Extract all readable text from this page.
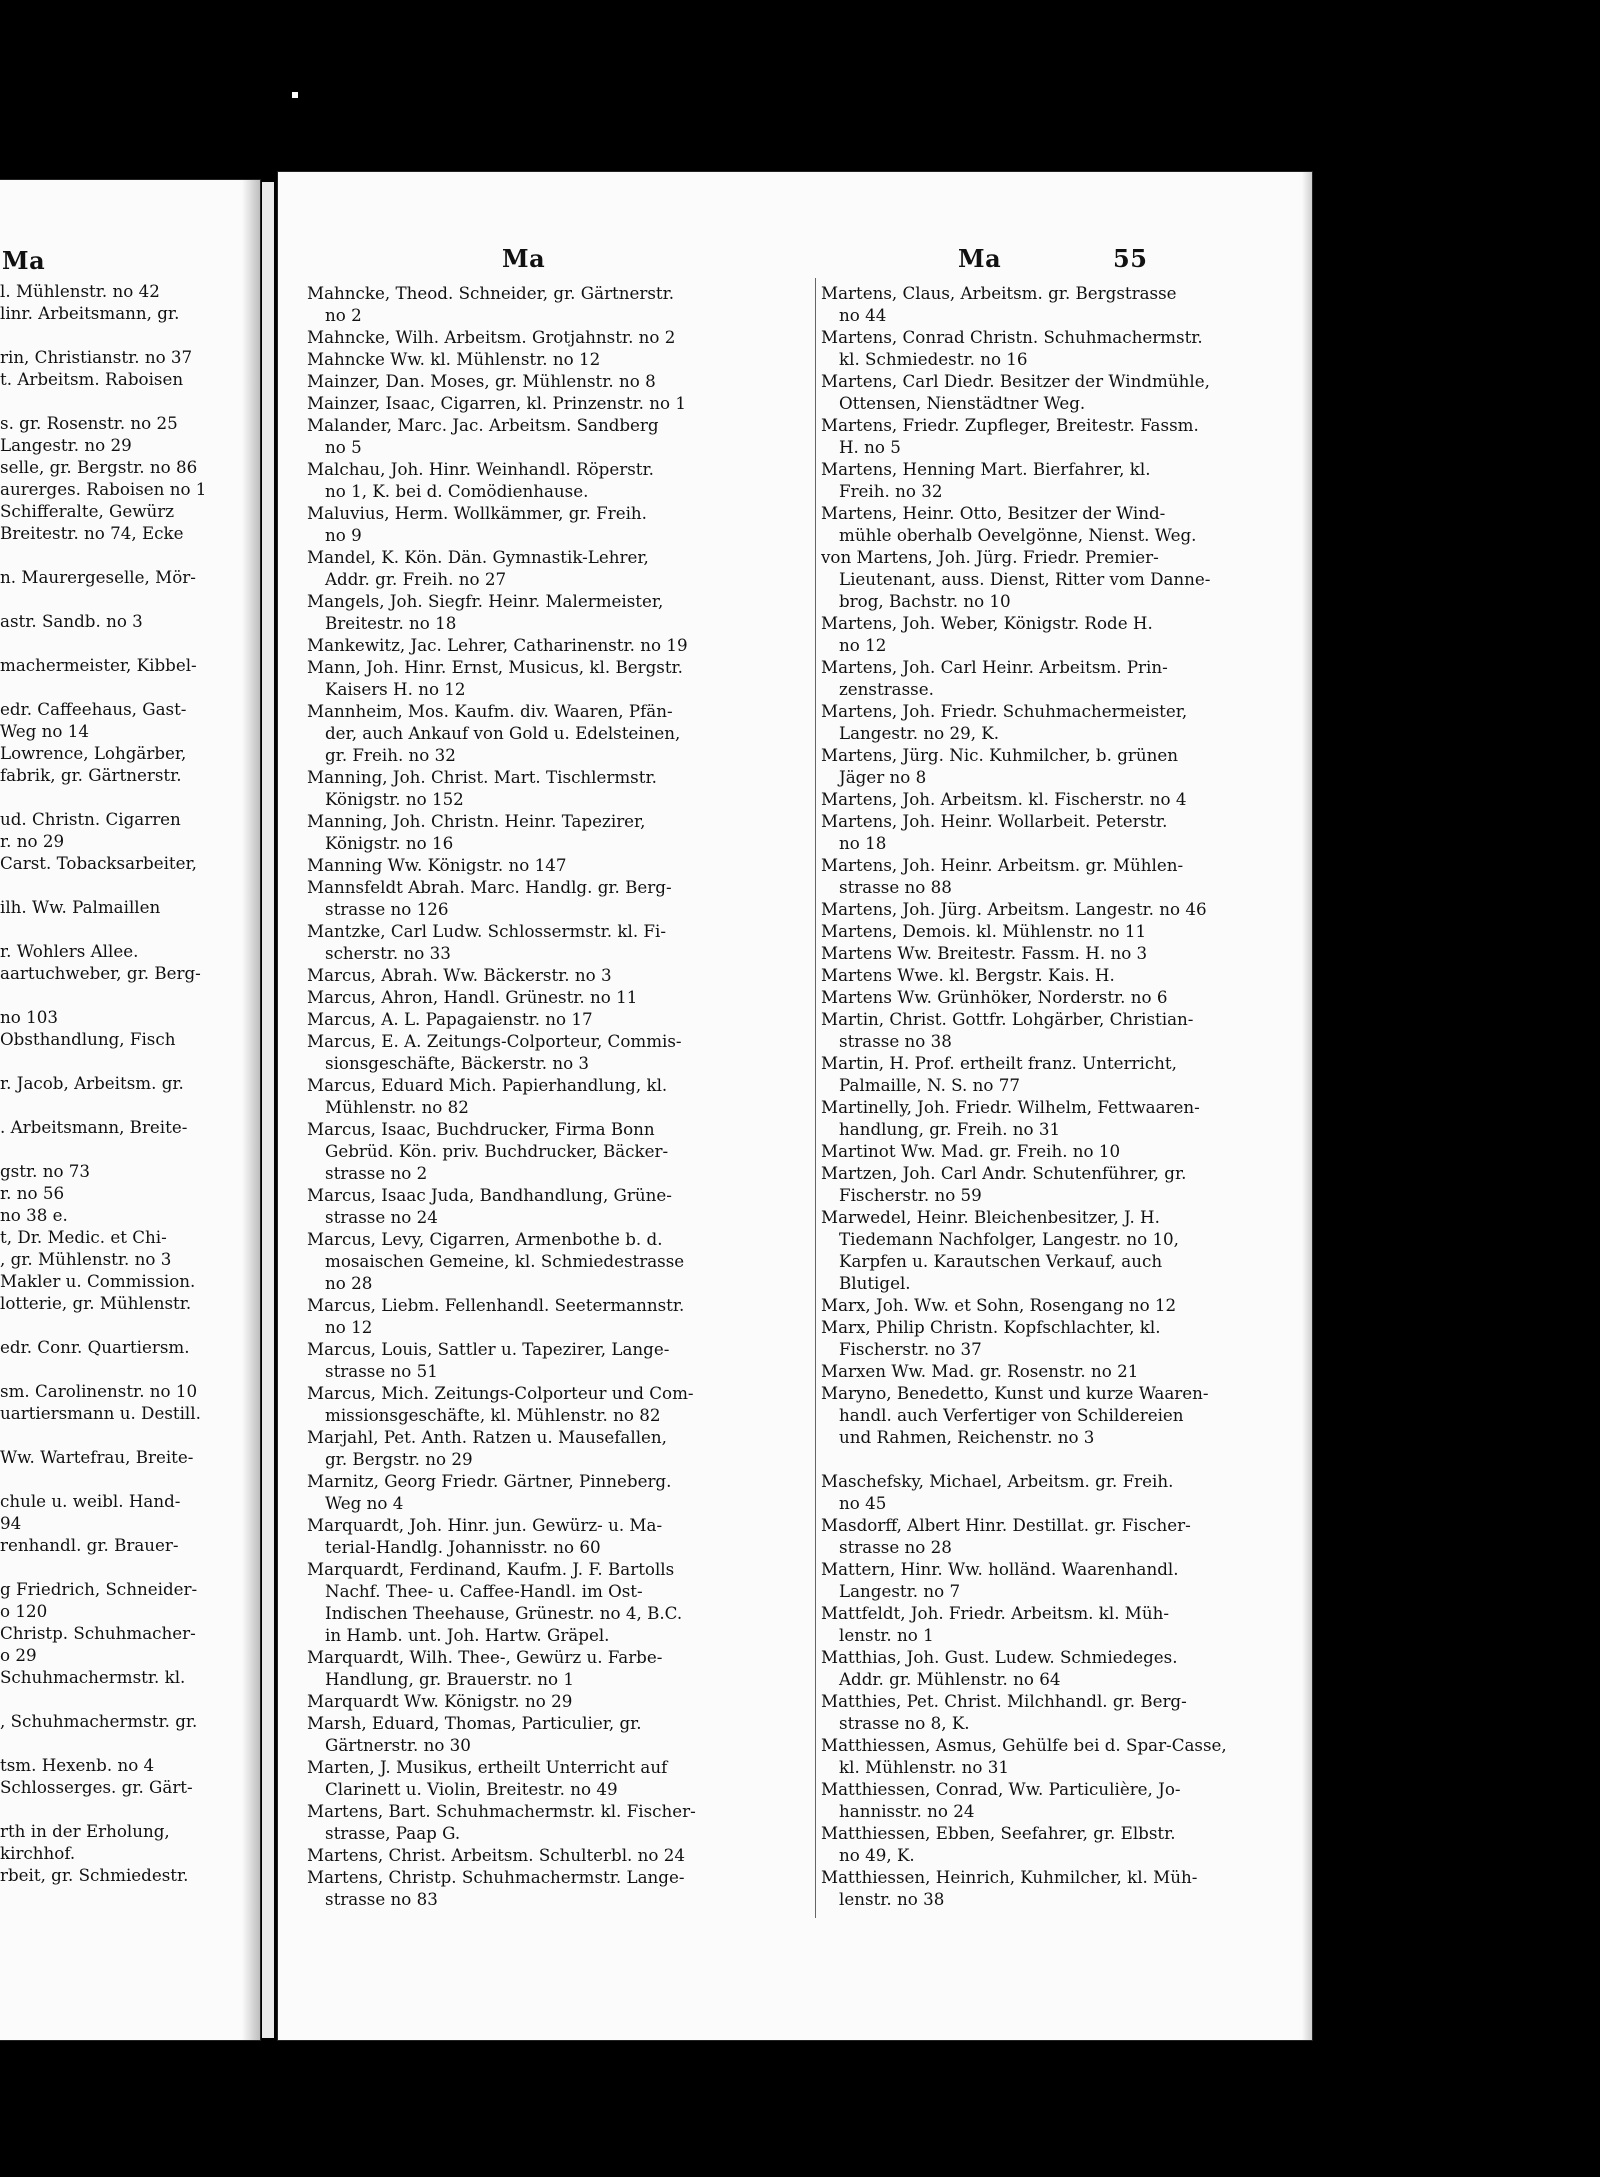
Ma
l. Mühlenstr. no 42
linr. Arbeitsmann, gr.

rin, Christianstr. no 37
t. Arbeitsm. Raboisen

s. gr. Rosenstr. no 25
Langestr. no 29
selle, gr. Bergstr. no 86
aurerges. Raboisen no 1
Schifferalte, Gewürz
Breitestr. no 74, Ecke

n. Maurergeselle, Mör-

astr. Sandb. no 3

machermeister, Kibbel-

edr. Caffeehaus, Gast-
Weg no 14
Lowrence, Lohgärber,
fabrik, gr. Gärtnerstr.

ud. Christn. Cigarren
r. no 29
Carst. Tobacksarbeiter,

ilh. Ww. Palmaillen

r. Wohlers Allee.
aartuchweber, gr. Berg-

no 103
Obsthandlung, Fisch

r. Jacob, Arbeitsm. gr.

. Arbeitsmann, Breite-

gstr. no 73
r. no 56
no 38 e.
t, Dr. Medic. et Chi-
, gr. Mühlenstr. no 3
Makler u. Commission.
lotterie, gr. Mühlenstr.

edr. Conr. Quartiersm.

sm. Carolinenstr. no 10
uartiersmann u. Destill.

Ww. Wartefrau, Breite-

chule u. weibl. Hand-
94
renhandl. gr. Brauer-

g Friedrich, Schneider-
o 120
Christp. Schuhmacher-
o 29
Schuhmachermstr. kl.

, Schuhmachermstr. gr.

tsm. Hexenb. no 4
Schlosserges. gr. Gärt-

rth in der Erholung,
kirchhof.
rbeit, gr. Schmiedestr.
Ma	Ma	55
Mahncke, Theod. Schneider, gr. Gärtnerstr.
no 2
Mahncke, Wilh. Arbeitsm. Grotjahnstr. no 2
Mahncke Ww. kl. Mühlenstr. no 12
Mainzer, Dan. Moses, gr. Mühlenstr. no 8
Mainzer, Isaac, Cigarren, kl. Prinzenstr. no 1
Malander, Marc. Jac. Arbeitsm. Sandberg
no 5
Malchau, Joh. Hinr. Weinhandl. Röperstr.
no 1, K. bei d. Comödienhause.
Maluvius, Herm. Wollkämmer, gr. Freih.
no 9
Mandel, K. Kön. Dän. Gymnastik-Lehrer,
Addr. gr. Freih. no 27
Mangels, Joh. Siegfr. Heinr. Malermeister,
Breitestr. no 18
Mankewitz, Jac. Lehrer, Catharinenstr. no 19
Mann, Joh. Hinr. Ernst, Musicus, kl. Bergstr.
Kaisers H. no 12
Mannheim, Mos. Kaufm. div. Waaren, Pfän-
der, auch Ankauf von Gold u. Edelsteinen,
gr. Freih. no 32
Manning, Joh. Christ. Mart. Tischlermstr.
Königstr. no 152
Manning, Joh. Christn. Heinr. Tapezirer,
Königstr. no 16
Manning Ww. Königstr. no 147
Mannsfeldt Abrah. Marc. Handlg. gr. Berg-
strasse no 126
Mantzke, Carl Ludw. Schlossermstr. kl. Fi-
scherstr. no 33
Marcus, Abrah. Ww. Bäckerstr. no 3
Marcus, Ahron, Handl. Grünestr. no 11
Marcus, A. L. Papagaienstr. no 17
Marcus, E. A. Zeitungs-Colporteur, Commis-
sionsgeschäfte, Bäckerstr. no 3
Marcus, Eduard Mich. Papierhandlung, kl.
Mühlenstr. no 82
Marcus, Isaac, Buchdrucker, Firma Bonn
Gebrüd. Kön. priv. Buchdrucker, Bäcker-
strasse no 2
Marcus, Isaac Juda, Bandhandlung, Grüne-
strasse no 24
Marcus, Levy, Cigarren, Armenbothe b. d.
mosaischen Gemeine, kl. Schmiedestrasse
no 28
Marcus, Liebm. Fellenhandl. Seetermannstr.
no 12
Marcus, Louis, Sattler u. Tapezirer, Lange-
strasse no 51
Marcus, Mich. Zeitungs-Colporteur und Com-
missionsgeschäfte, kl. Mühlenstr. no 82
Marjahl, Pet. Anth. Ratzen u. Mausefallen,
gr. Bergstr. no 29
Marnitz, Georg Friedr. Gärtner, Pinneberg.
Weg no 4
Marquardt, Joh. Hinr. jun. Gewürz- u. Ma-
terial-Handlg. Johannisstr. no 60
Marquardt, Ferdinand, Kaufm. J. F. Bartolls
Nachf. Thee- u. Caffee-Handl. im Ost-
Indischen Theehause, Grünestr. no 4, B.C.
in Hamb. unt. Joh. Hartw. Gräpel.
Marquardt, Wilh. Thee-, Gewürz u. Farbe-
Handlung, gr. Brauerstr. no 1
Marquardt Ww. Königstr. no 29
Marsh, Eduard, Thomas, Particulier, gr.
Gärtnerstr. no 30
Marten, J. Musikus, ertheilt Unterricht auf
Clarinett u. Violin, Breitestr. no 49
Martens, Bart. Schuhmachermstr. kl. Fischer-
strasse, Paap G.
Martens, Christ. Arbeitsm. Schulterbl. no 24
Martens, Christp. Schuhmachermstr. Lange-
strasse no 83
Martens, Claus, Arbeitsm. gr. Bergstrasse
no 44
Martens, Conrad Christn. Schuhmachermstr.
kl. Schmiedestr. no 16
Martens, Carl Diedr. Besitzer der Windmühle,
Ottensen, Nienstädtner Weg.
Martens, Friedr. Zupfleger, Breitestr. Fassm.
H. no 5
Martens, Henning Mart. Bierfahrer, kl.
Freih. no 32
Martens, Heinr. Otto, Besitzer der Wind-
mühle oberhalb Oevelgönne, Nienst. Weg.
von Martens, Joh. Jürg. Friedr. Premier-
Lieutenant, auss. Dienst, Ritter vom Danne-
brog, Bachstr. no 10
Martens, Joh. Weber, Königstr. Rode H.
no 12
Martens, Joh. Carl Heinr. Arbeitsm. Prin-
zenstrasse.
Martens, Joh. Friedr. Schuhmachermeister,
Langestr. no 29, K.
Martens, Jürg. Nic. Kuhmilcher, b. grünen
Jäger no 8
Martens, Joh. Arbeitsm. kl. Fischerstr. no 4
Martens, Joh. Heinr. Wollarbeit. Peterstr.
no 18
Martens, Joh. Heinr. Arbeitsm. gr. Mühlen-
strasse no 88
Martens, Joh. Jürg. Arbeitsm. Langestr. no 46
Martens, Demois. kl. Mühlenstr. no 11
Martens Ww. Breitestr. Fassm. H. no 3
Martens Wwe. kl. Bergstr. Kais. H.
Martens Ww. Grünhöker, Norderstr. no 6
Martin, Christ. Gottfr. Lohgärber, Christian-
strasse no 38
Martin, H. Prof. ertheilt franz. Unterricht,
Palmaille, N. S. no 77
Martinelly, Joh. Friedr. Wilhelm, Fettwaaren-
handlung, gr. Freih. no 31
Martinot Ww. Mad. gr. Freih. no 10
Martzen, Joh. Carl Andr. Schutenführer, gr.
Fischerstr. no 59
Marwedel, Heinr. Bleichenbesitzer, J. H.
Tiedemann Nachfolger, Langestr. no 10,
Karpfen u. Karautschen Verkauf, auch
Blutigel.
Marx, Joh. Ww. et Sohn, Rosengang no 12
Marx, Philip Christn. Kopfschlachter, kl.
Fischerstr. no 37
Marxen Ww. Mad. gr. Rosenstr. no 21
Maryno, Benedetto, Kunst und kurze Waaren-
handl. auch Verfertiger von Schildereien
und Rahmen, Reichenstr. no 3

Maschefsky, Michael, Arbeitsm. gr. Freih.
no 45
Masdorff, Albert Hinr. Destillat. gr. Fischer-
strasse no 28
Mattern, Hinr. Ww. holländ. Waarenhandl.
Langestr. no 7
Mattfeldt, Joh. Friedr. Arbeitsm. kl. Müh-
lenstr. no 1
Matthias, Joh. Gust. Ludew. Schmiedeges.
Addr. gr. Mühlenstr. no 64
Matthies, Pet. Christ. Milchhandl. gr. Berg-
strasse no 8, K.
Matthiessen, Asmus, Gehülfe bei d. Spar-Casse,
kl. Mühlenstr. no 31
Matthiessen, Conrad, Ww. Particulière, Jo-
hannisstr. no 24
Matthiessen, Ebben, Seefahrer, gr. Elbstr.
no 49, K.
Matthiessen, Heinrich, Kuhmilcher, kl. Müh-
lenstr. no 38
